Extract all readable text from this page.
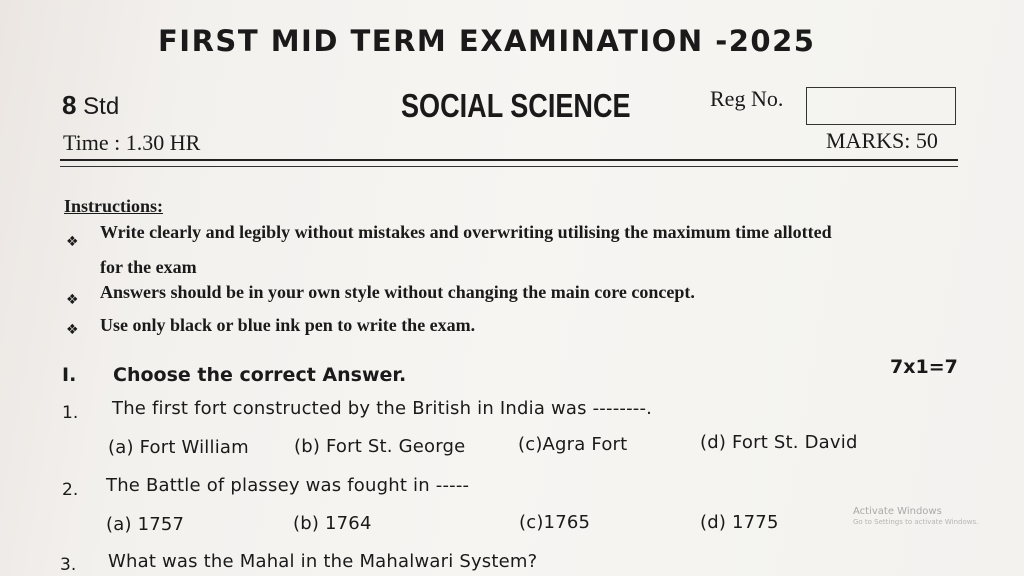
FIRST MID TERM EXAMINATION -2025
8 Std	SOCIAL SCIENCE	Reg No.
Time : 1.30 HR	MARKS: 50
Instructions:
❖ Write clearly and legibly without mistakes and overwriting utilising the maximum time allotted
for the exam
❖ Answers should be in your own style without changing the main core concept.
❖ Use only black or blue ink pen to write the exam.
I. Choose the correct Answer.	7x1=7
1. The first fort constructed by the British in India was --------.
(a) Fort William	(b) Fort St. George	(c)Agra Fort	(d) Fort St. David
2. The Battle of plassey was fought in -----
(a) 1757	(b) 1764	(c)1765	(d) 1775
3. What was the Mahal in the Mahalwari System?
Activate Windows
Go to Settings to activate Windows.
